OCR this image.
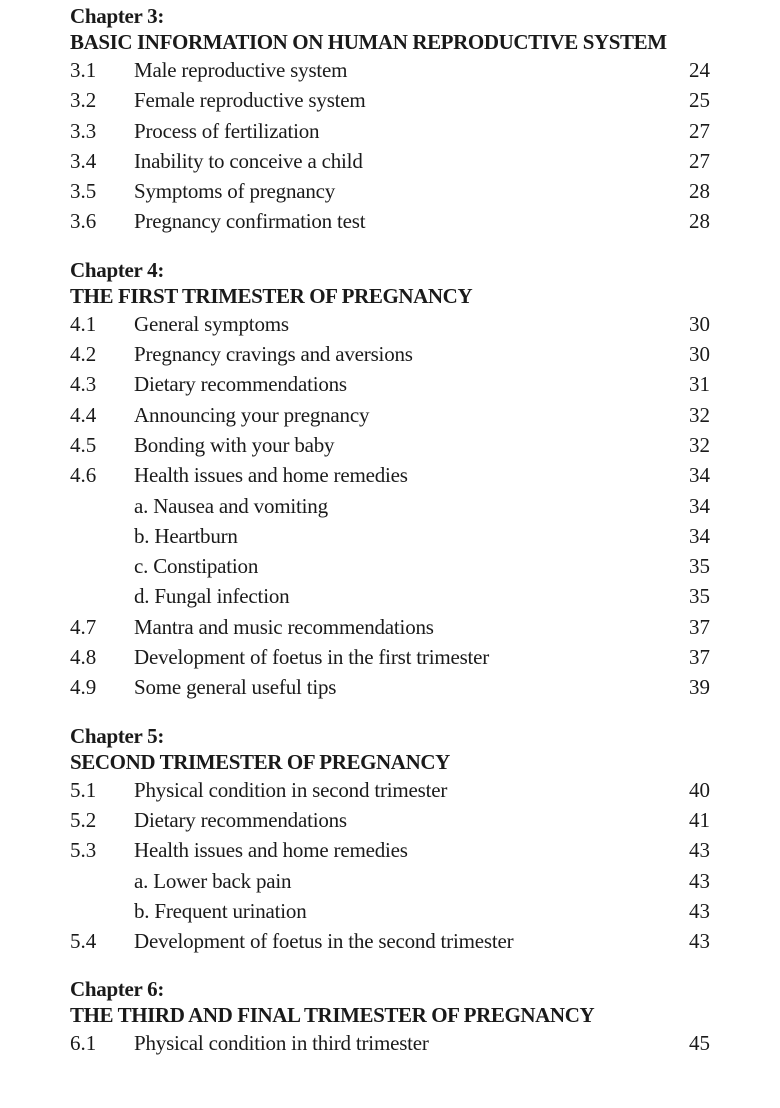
Chapter 3:
BASIC INFORMATION ON HUMAN REPRODUCTIVE SYSTEM
3.1	Male reproductive system	24
3.2	Female reproductive system	25
3.3	Process of fertilization	27
3.4	Inability to conceive a child	27
3.5	Symptoms of pregnancy	28
3.6	Pregnancy confirmation test	28
Chapter 4:
THE FIRST TRIMESTER OF PREGNANCY
4.1	General symptoms	30
4.2	Pregnancy cravings and aversions	30
4.3	Dietary recommendations	31
4.4	Announcing your pregnancy	32
4.5	Bonding with your baby	32
4.6	Health issues and home remedies	34
a. Nausea and vomiting	34
b. Heartburn	34
c. Constipation	35
d. Fungal infection	35
4.7	Mantra and music recommendations	37
4.8	Development of foetus in the first trimester	37
4.9	Some general useful tips	39
Chapter 5:
SECOND TRIMESTER OF PREGNANCY
5.1	Physical condition in second trimester	40
5.2	Dietary recommendations	41
5.3	Health issues and home remedies	43
a. Lower back pain	43
b. Frequent urination	43
5.4	Development of foetus in the second trimester	43
Chapter 6:
THE THIRD AND FINAL TRIMESTER OF PREGNANCY
6.1	Physical condition in third trimester	45
